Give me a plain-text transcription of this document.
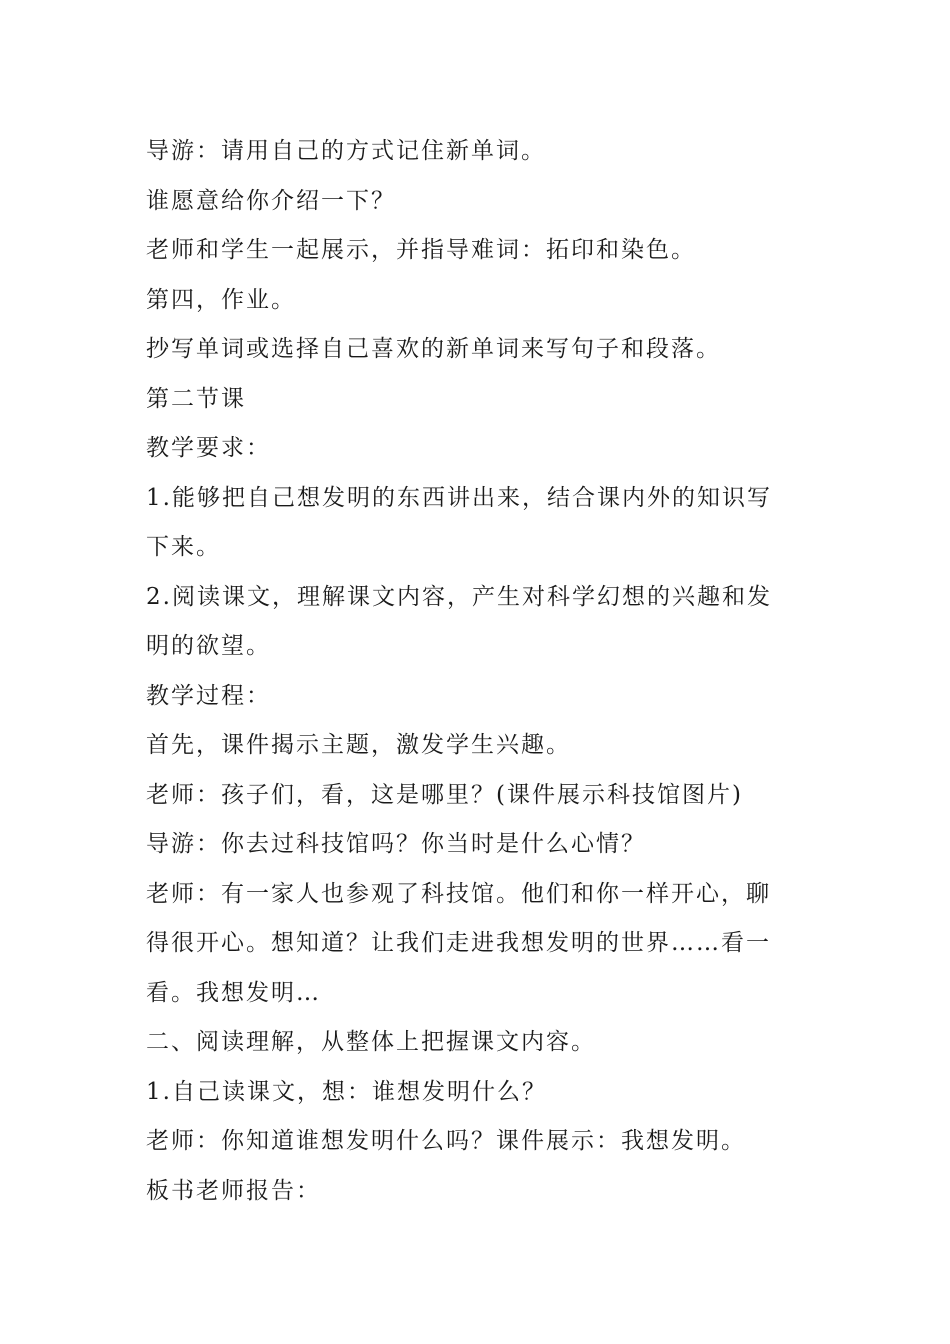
导游：请用自己的方式记住新单词。

谁愿意给你介绍一下？

老师和学生一起展示，并指导难词：拓印和染色。

第四，作业。

抄写单词或选择自己喜欢的新单词来写句子和段落。

第二节课

教学要求：

1.能够把自己想发明的东西讲出来，结合课内外的知识写

下来。

2.阅读课文，理解课文内容，产生对科学幻想的兴趣和发

明的欲望。

教学过程：

首先，课件揭示主题，激发学生兴趣。

老师：孩子们，看，这是哪里？(课件展示科技馆图片)

导游：你去过科技馆吗？你当时是什么心情？

老师：有一家人也参观了科技馆。他们和你一样开心，聊

得很开心。想知道？让我们走进我想发明的世界……看一

看。我想发明…

二、阅读理解，从整体上把握课文内容。

1.自己读课文，想：谁想发明什么？

老师：你知道谁想发明什么吗？课件展示：我想发明。

板书老师报告：
